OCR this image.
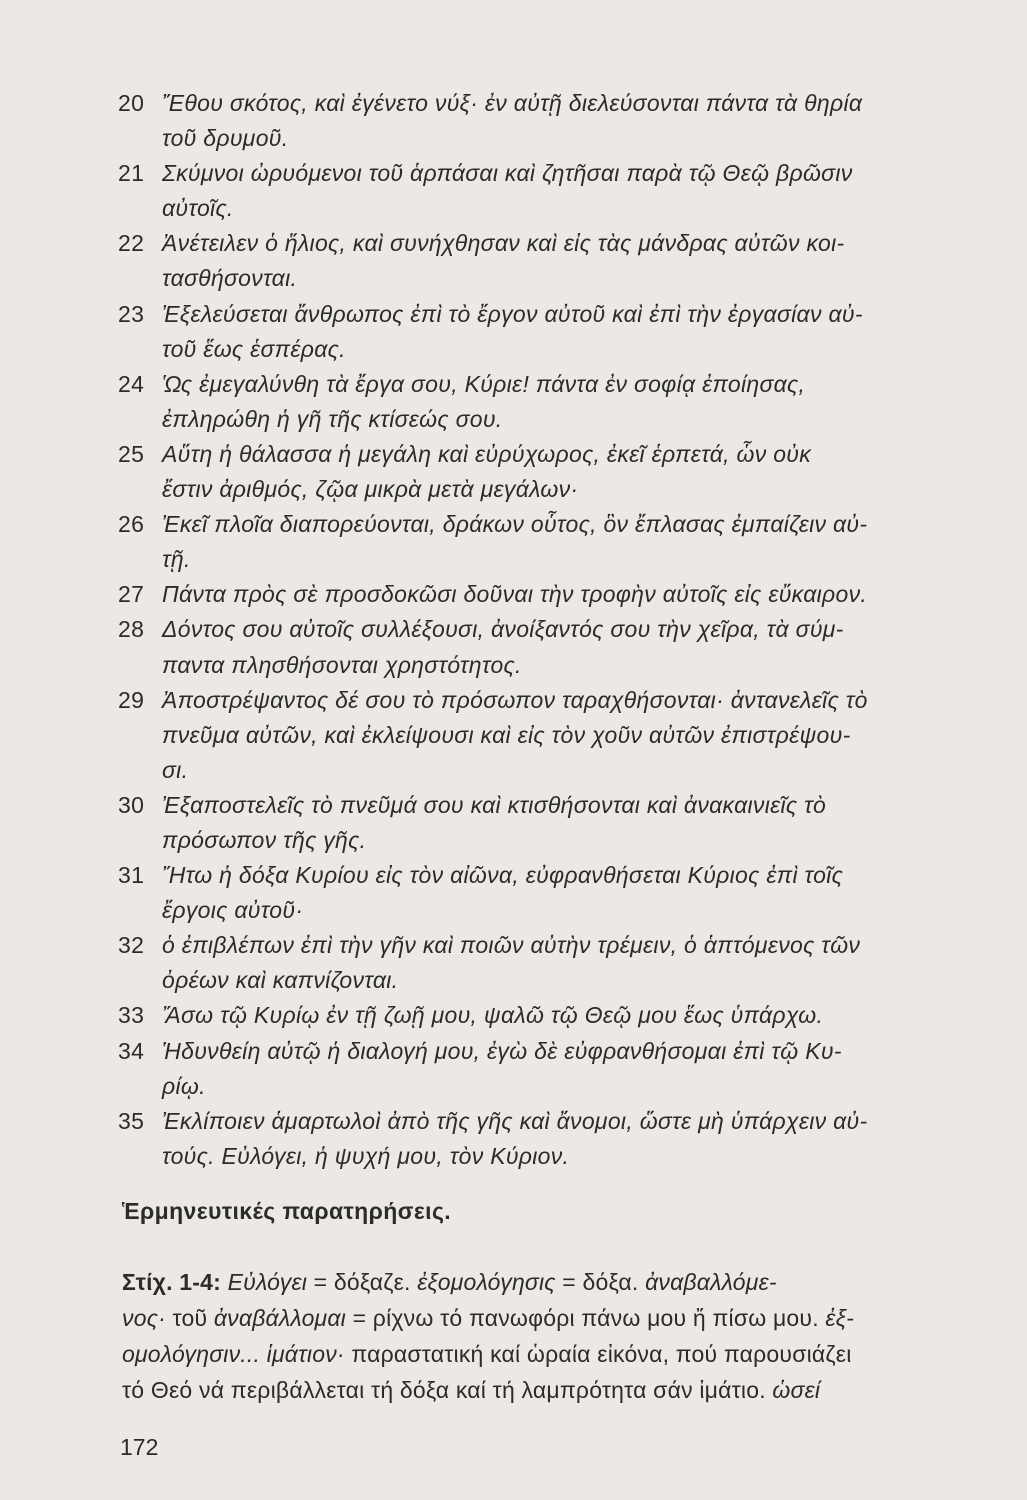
20 Ἔθου σκότος, καὶ ἐγένετο νύξ· ἐν αὐτῇ διελεύσονται πάντα τὰ θηρία
τοῦ δρυμοῦ.
21 Σκύμνοι ὠρυόμενοι τοῦ ἁρπάσαι καὶ ζητῆσαι παρὰ τῷ Θεῷ βρῶσιν
αὐτοῖς.
22 Ἀνέτειλεν ὁ ἥλιος, καὶ συνήχθησαν καὶ εἰς τὰς μάνδρας αὐτῶν κοι-
τασθήσονται.
23 Ἐξελεύσεται ἄνθρωπος ἐπὶ τὸ ἔργον αὐτοῦ καὶ ἐπὶ τὴν ἐργασίαν αὐ-
τοῦ ἕως ἑσπέρας.
24 Ὡς ἐμεγαλύνθη τὰ ἔργα σου, Κύριε! πάντα ἐν σοφίᾳ ἐποίησας,
ἐπληρώθη ἡ γῆ τῆς κτίσεώς σου.
25 Αὕτη ἡ θάλασσα ἡ μεγάλη καὶ εὐρύχωρος, ἐκεῖ ἑρπετά, ὧν οὐκ
ἔστιν ἀριθμός, ζῷα μικρὰ μετὰ μεγάλων·
26 Ἐκεῖ πλοῖα διαπορεύονται, δράκων οὗτος, ὃν ἔπλασας ἐμπαίζειν αὐ-
τῇ.
27 Πάντα πρὸς σὲ προσδοκῶσι δοῦναι τὴν τροφὴν αὐτοῖς εἰς εὔκαιρον.
28 Δόντος σου αὐτοῖς συλλέξουσι, ἀνοίξαντός σου τὴν χεῖρα, τὰ σύμ-
παντα πλησθήσονται χρηστότητος.
29 Ἀποστρέψαντος δέ σου τὸ πρόσωπον ταραχθήσονται· ἀντανελεῖς τὸ
πνεῦμα αὐτῶν, καὶ ἐκλείψουσι καὶ εἰς τὸν χοῦν αὐτῶν ἐπιστρέψου-
σι.
30 Ἐξαποστελεῖς τὸ πνεῦμά σου καὶ κτισθήσονται καὶ ἀνακαινιεῖς τὸ
πρόσωπον τῆς γῆς.
31 Ἤτω ἡ δόξα Κυρίου εἰς τὸν αἰῶνα, εὐφρανθήσεται Κύριος ἐπὶ τοῖς
ἔργοις αὐτοῦ·
32 ὁ ἐπιβλέπων ἐπὶ τὴν γῆν καὶ ποιῶν αὐτὴν τρέμειν, ὁ ἁπτόμενος τῶν
ὀρέων καὶ καπνίζονται.
33 Ἄσω τῷ Κυρίῳ ἐν τῇ ζωῇ μου, ψαλῶ τῷ Θεῷ μου ἕως ὑπάρχω.
34 Ἡδυνθείη αὐτῷ ἡ διαλογή μου, ἐγὼ δὲ εὐφρανθήσομαι ἐπὶ τῷ Κυ-
ρίῳ.
35 Ἐκλίποιεν ἁμαρτωλοὶ ἀπὸ τῆς γῆς καὶ ἄνομοι, ὥστε μὴ ὑπάρχειν αὐ-
τούς. Εὐλόγει, ἡ ψυχή μου, τὸν Κύριον.
Ἑρμηνευτικές παρατηρήσεις.
Στίχ. 1-4: Εὐλόγει = δόξαζε. ἐξομολόγησις = δόξα. ἀναβαλλόμε-
νος· τοῦ ἀναβάλλομαι = ρίχνω τό πανωφόρι πάνω μου ἤ πίσω μου. ἐξ-
ομολόγησιν... ἱμάτιον· παραστατική καί ὡραία εἰκόνα, πού παρουσιάζει
τό Θεό νά περιβάλλεται τή δόξα καί τή λαμπρότητα σάν ἱμάτιο. ὡσεί
172
